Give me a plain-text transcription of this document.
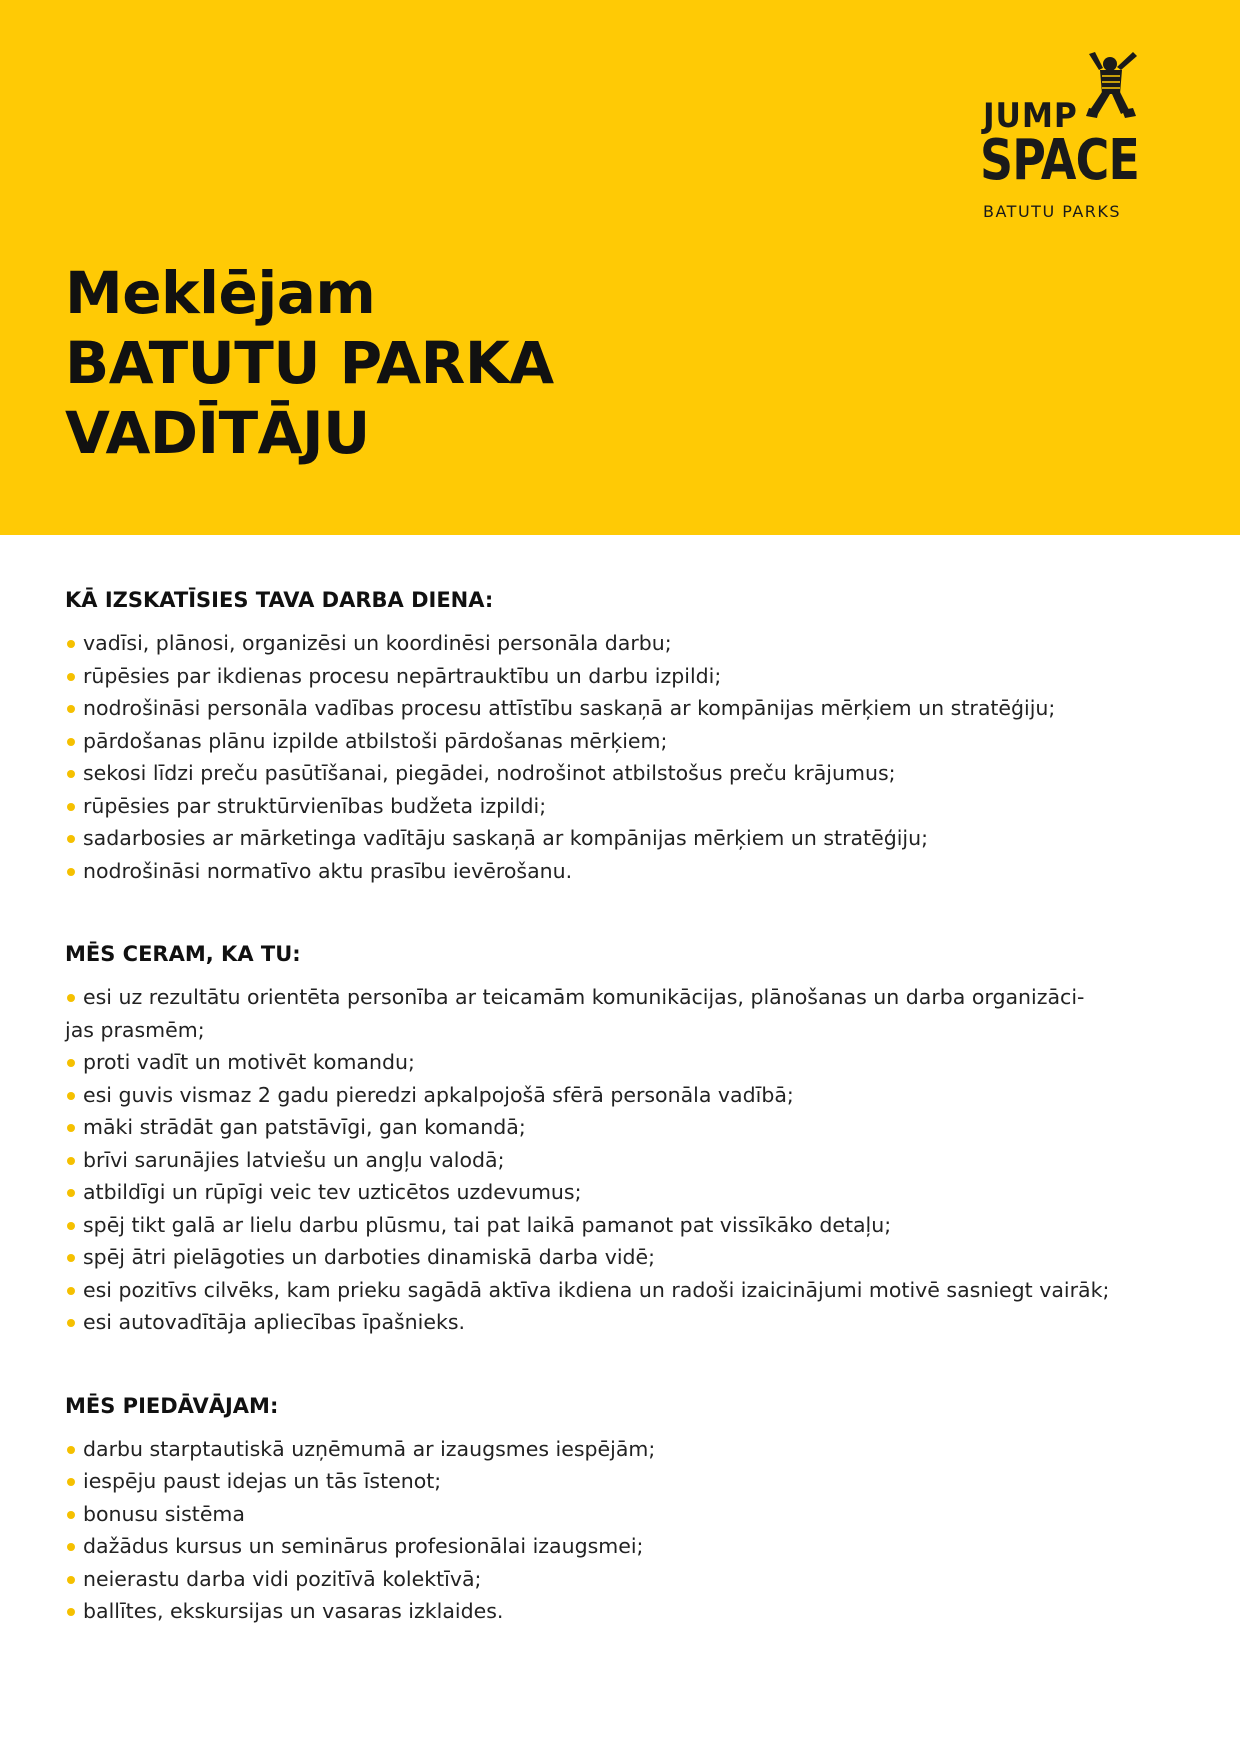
JUMP
SPACE
BATUTU PARKS
Meklējam
BATUTU PARKA
VADĪTĀJU
KĀ IZSKATĪSIES TAVA DARBA DIENA:
vadīsi, plānosi, organizēsi un koordinēsi personāla darbu;
rūpēsies par ikdienas procesu nepārtrauktību un darbu izpildi;
nodrošināsi personāla vadības procesu attīstību saskaņā ar kompānijas mērķiem un stratēģiju;
pārdošanas plānu izpilde atbilstoši pārdošanas mērķiem;
sekosi līdzi preču pasūtīšanai, piegādei, nodrošinot atbilstošus preču krājumus;
rūpēsies par struktūrvienības budžeta izpildi;
sadarbosies ar mārketinga vadītāju saskaņā ar kompānijas mērķiem un stratēģiju;
nodrošināsi normatīvo aktu prasību ievērošanu.
MĒS CERAM, KA TU:
esi uz rezultātu orientēta personība ar teicamām komunikācijas, plānošanas un darba organizāci-
jas prasmēm;
proti vadīt un motivēt komandu;
esi guvis vismaz 2 gadu pieredzi apkalpojošā sfērā personāla vadībā;
māki strādāt gan patstāvīgi, gan komandā;
brīvi sarunājies latviešu un angļu valodā;
atbildīgi un rūpīgi veic tev uzticētos uzdevumus;
spēj tikt galā ar lielu darbu plūsmu, tai pat laikā pamanot pat vissīkāko detaļu;
spēj ātri pielāgoties un darboties dinamiskā darba vidē;
esi pozitīvs cilvēks, kam prieku sagādā aktīva ikdiena un radoši izaicinājumi motivē sasniegt vairāk;
esi autovadītāja apliecības īpašnieks.
MĒS PIEDĀVĀJAM:
darbu starptautiskā uzņēmumā ar izaugsmes iespējām;
iespēju paust idejas un tās īstenot;
bonusu sistēma
dažādus kursus un seminārus profesionālai izaugsmei;
neierastu darba vidi pozitīvā kolektīvā;
ballītes, ekskursijas un vasaras izklaides.
